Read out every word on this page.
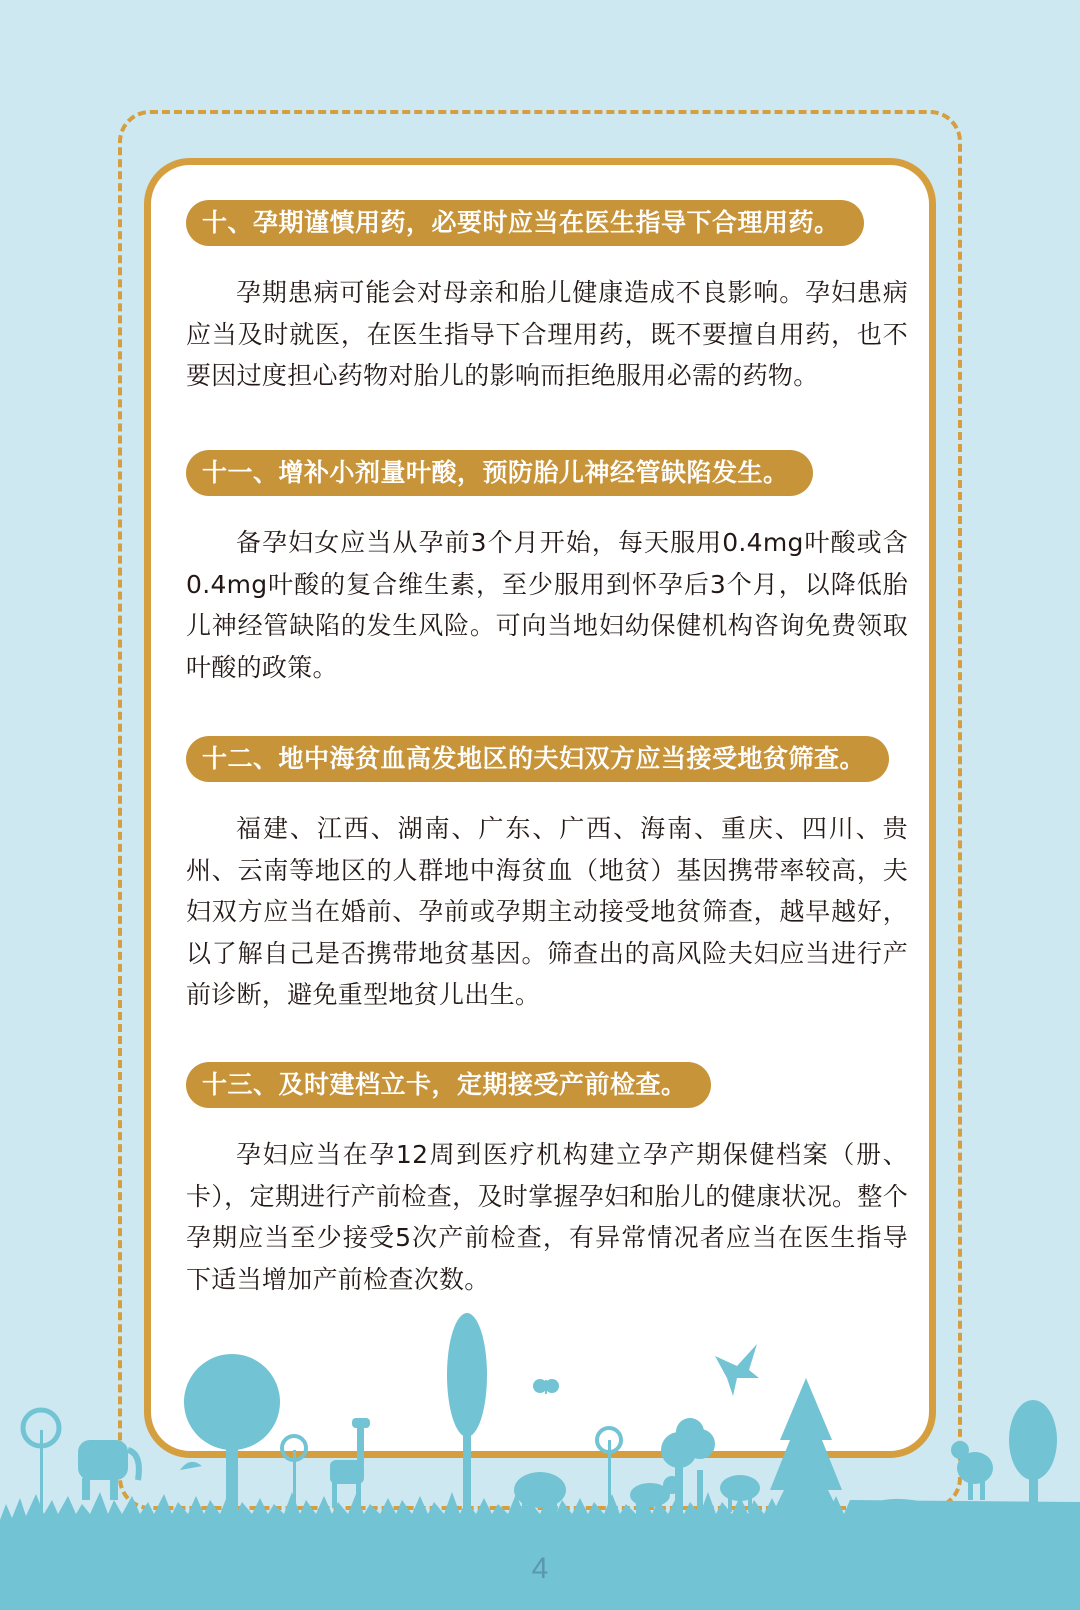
十、孕期谨慎用药，必要时应当在医生指导下合理用药。

孕期患病可能会对母亲和胎儿健康造成不良影响。孕妇患病应当及时就医，在医生指导下合理用药，既不要擅自用药，也不要因过度担心药物对胎儿的影响而拒绝服用必需的药物。

十一、增补小剂量叶酸，预防胎儿神经管缺陷发生。

备孕妇女应当从孕前3个月开始，每天服用0.4mg叶酸或含0.4mg叶酸的复合维生素，至少服用到怀孕后3个月，以降低胎儿神经管缺陷的发生风险。可向当地妇幼保健机构咨询免费领取叶酸的政策。

十二、地中海贫血高发地区的夫妇双方应当接受地贫筛查。

福建、江西、湖南、广东、广西、海南、重庆、四川、贵州、云南等地区的人群地中海贫血（地贫）基因携带率较高，夫妇双方应当在婚前、孕前或孕期主动接受地贫筛查，越早越好，以了解自己是否携带地贫基因。筛查出的高风险夫妇应当进行产前诊断，避免重型地贫儿出生。

十三、及时建档立卡，定期接受产前检查。

孕妇应当在孕12周到医疗机构建立孕产期保健档案（册、卡），定期进行产前检查，及时掌握孕妇和胎儿的健康状况。整个孕期应当至少接受5次产前检查，有异常情况者应当在医生指导下适当增加产前检查次数。

4
